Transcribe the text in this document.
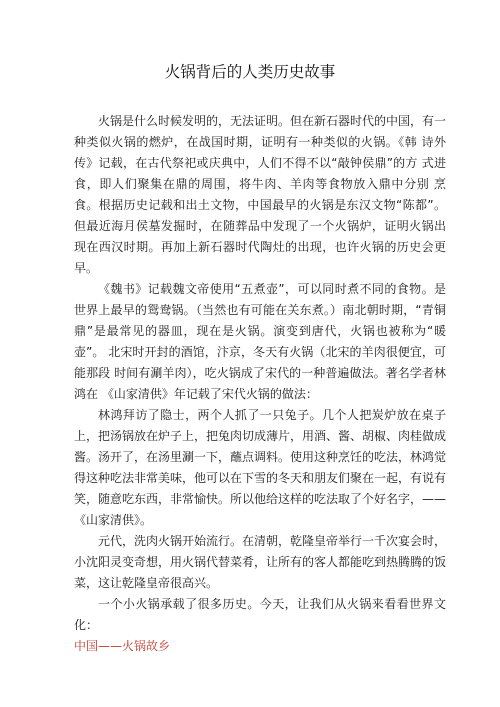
火锅背后的人类历史故事

火锅是什么时候发明的，无法证明。但在新石器时代的中国，有一种类似火锅的燃炉，在战国时期，证明有一种类似的火锅。《韩 诗外传》记载，在古代祭祀或庆典中，人们不得不以“敲钟侯鼎”的方 式进食，即人们聚集在鼎的周围，将牛肉、羊肉等食物放入鼎中分别 烹食。根据历史记载和出土文物，中国最早的火锅是东汉文物“陈都”。 但最近海月侯墓发掘时，在随葬品中发现了一个火锅炉，证明火锅出 现在西汉时期。再加上新石器时代陶灶的出现，也许火锅的历史会更 早。

《魏书》记载魏文帝使用“五煮壶”，可以同时煮不同的食物。是世界上最早的鸳鸯锅。（当然也有可能在关东煮。）南北朝时期，“青铜 鼎”是最常见的器皿，现在是火锅。演变到唐代，火锅也被称为“暖壶”。 北宋时开封的酒馆，汴京，冬天有火锅（北宋的羊肉很便宜，可能那段 时间有涮羊肉），吃火锅成了宋代的一种普遍做法。著名学者林鸿在 《山家清供》年记载了宋代火锅的做法：

林鸿拜访了隐士，两个人抓了一只兔子。几个人把炭炉放在桌子上，把汤锅放在炉子上，把兔肉切成薄片，用酒、酱、胡椒、肉桂做成酱。汤开了，在汤里涮一下，蘸点调料。使用这种烹饪的吃法，林鸿觉得这种吃法非常美味，他可以在下雪的冬天和朋友们聚在一起，有说有笑，随意吃东西，非常愉快。所以他给这样的吃法取了个好名字，——《山家清供》。

元代，洗肉火锅开始流行。在清朝，乾隆皇帝举行一千次宴会时，小沈阳灵变奇想，用火锅代替菜肴，让所有的客人都能吃到热腾腾的饭菜，这让乾隆皇帝很高兴。

一个小火锅承载了很多历史。今天，让我们从火锅来看看世界文化：

中国——火锅故乡
